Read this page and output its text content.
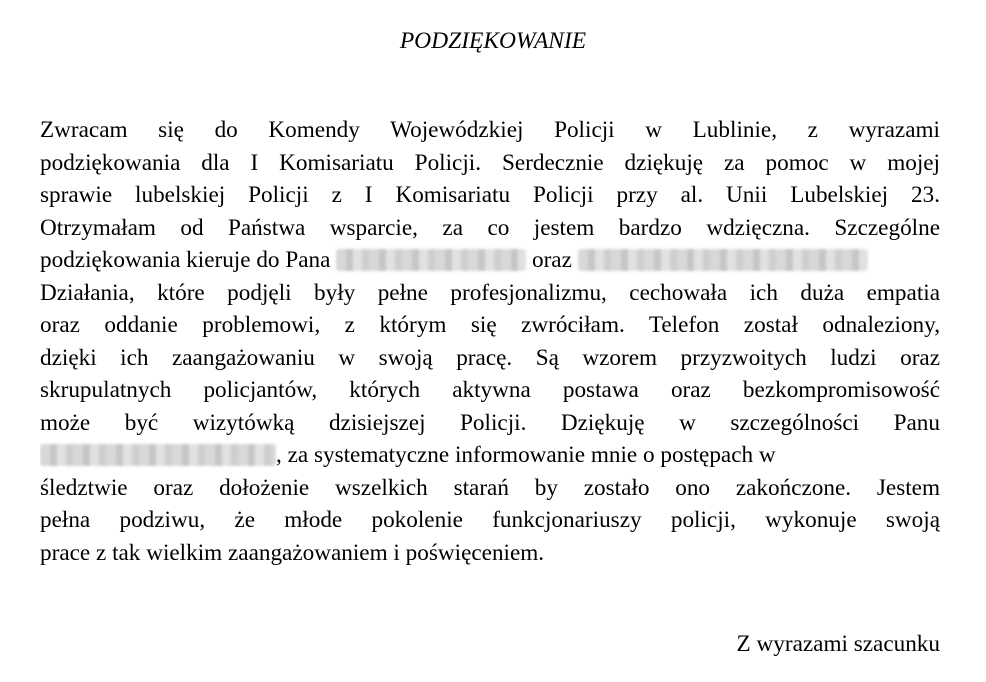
PODZIĘKOWANIE
Zwracam się do Komendy Wojewódzkiej Policji w Lublinie, z wyrazami
podziękowania dla I Komisariatu Policji. Serdecznie dziękuję za pomoc w mojej
sprawie lubelskiej Policji z I Komisariatu Policji przy al. Unii Lubelskiej 23.
Otrzymałam od Państwa wsparcie, za co jestem bardzo wdzięczna. Szczególne
podziękowania kieruje do Pana	oraz
Działania, które podjęli były pełne profesjonalizmu, cechowała ich duża empatia
oraz oddanie problemowi, z którym się zwróciłam. Telefon został odnaleziony,
dzięki ich zaangażowaniu w swoją pracę. Są wzorem przyzwoitych ludzi oraz
skrupulatnych policjantów, których aktywna postawa oraz bezkompromisowość
może być wizytówką dzisiejszej Policji. Dziękuję w szczególności Panu
, za systematyczne informowanie mnie o postępach w
śledztwie oraz dołożenie wszelkich starań by zostało ono zakończone. Jestem
pełna podziwu, że młode pokolenie funkcjonariuszy policji, wykonuje swoją
prace z tak wielkim zaangażowaniem i poświęceniem.
Z wyrazami szacunku
